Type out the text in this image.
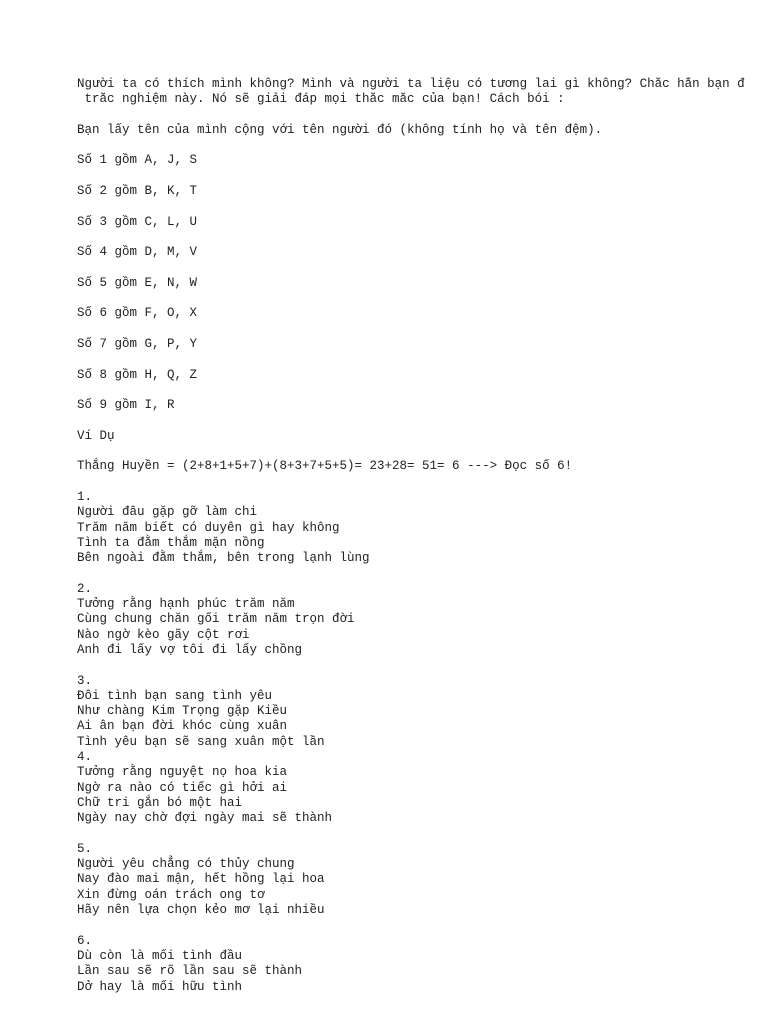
Người ta có thích mình không? Mình và người ta liệu có tương lai gì không? Chắc hẳn bạn đ
trắc nghiệm này. Nó sẽ giải đáp mọi thắc mắc của bạn! Cách bói :
Bạn lấy tên của mình cộng với tên người đó (không tính họ và tên đệm).
Số 1 gồm A, J, S
Số 2 gồm B, K, T
Số 3 gồm C, L, U
Số 4 gồm D, M, V
Số 5 gồm E, N, W
Số 6 gồm F, O, X
Số 7 gồm G, P, Y
Số 8 gồm H, Q, Z
Số 9 gồm I, R
Ví Dụ
Thắng Huyền = (2+8+1+5+7)+(8+3+7+5+5)= 23+28= 51= 6 ---> Đọc số 6!
1.
Người đâu gặp gỡ làm chi
Trăm năm biết có duyên gì hay không
Tình ta đằm thắm mặn nồng
Bên ngoài đằm thắm, bên trong lạnh lùng
2.
Tưởng rằng hạnh phúc trăm năm
Cùng chung chăn gối trăm năm trọn đời
Nào ngờ kèo gãy cột rơi
Anh đi lấy vợ tôi đi lấy chồng
3.
Đôi tình bạn sang tình yêu
Như chàng Kim Trọng gặp Kiều
Ai ân bạn đời khóc cùng xuân
Tình yêu bạn sẽ sang xuân một lần
4.
Tưởng rằng nguyệt nọ hoa kia
Ngờ ra nào có tiếc gì hởi ai
Chữ tri gắn bó một hai
Ngày nay chờ đợi ngày mai sẽ thành
5.
Người yêu chẳng có thủy chung
Nay đào mai mận, hết hồng lại hoa
Xin đừng oán trách ong tơ
Hãy nên lựa chọn kẻo mơ lại nhiều
6.
Dù còn là mối tình đầu
Lần sau sẽ rõ lần sau sẽ thành
Dở hay là mối hữu tình
